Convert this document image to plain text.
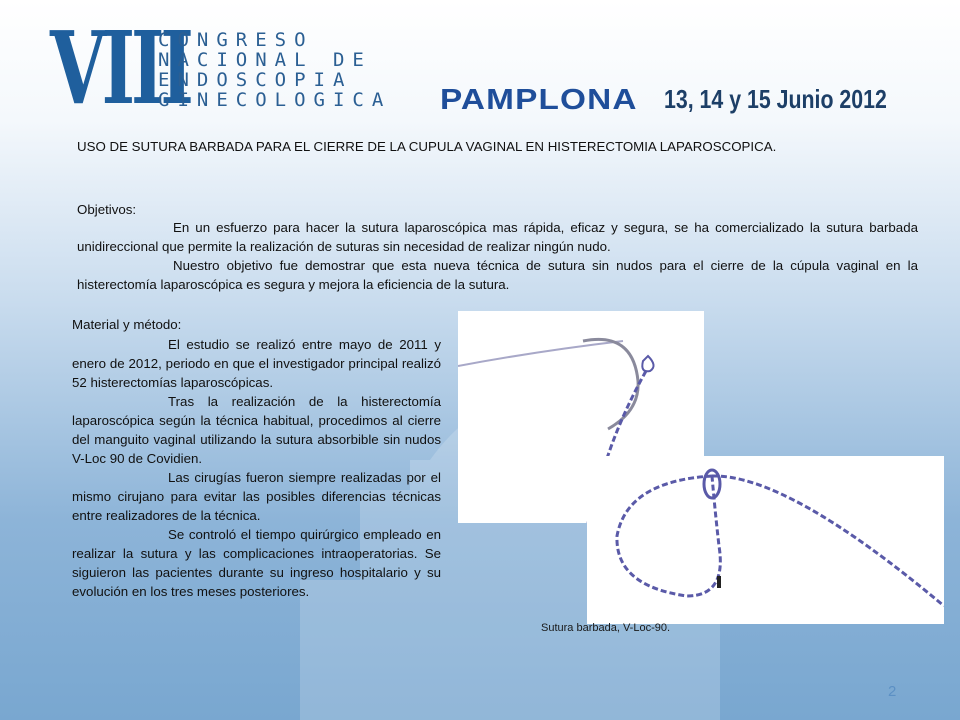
VIII
CONGRESO
NACIONAL DE
ENDOSCOPIA
GINECOLOGICA PAMPLONA 13, 14 y 15 Junio 2012
USO DE SUTURA BARBADA PARA EL CIERRE DE LA CUPULA VAGINAL EN HISTERECTOMIA LAPAROSCOPICA.
Objetivos:

En un esfuerzo para hacer la sutura laparoscópica mas rápida, eficaz y segura, se ha comercializado la sutura barbada unidireccional que permite la realización de suturas sin necesidad de realizar ningún nudo.

Nuestro objetivo fue demostrar que esta nueva técnica de sutura sin nudos para el cierre de la cúpula vaginal en la histerectomía laparoscópica es segura y mejora la eficiencia de la sutura.

Material y método:

El estudio se realizó entre mayo de 2011 y enero de 2012, periodo en que el investigador principal realizó 52 histerectomías laparoscópicas.

Tras la realización de la histerectomía laparoscópica según la técnica habitual, procedimos al cierre del manguito vaginal utilizando la sutura absorbible sin nudos V-Loc 90 de Covidien.

Las cirugías fueron siempre realizadas por el mismo cirujano para evitar las posibles diferencias técnicas entre realizadores de la técnica.

Se controló el tiempo quirúrgico empleado en realizar la sutura y las complicaciones intraoperatorias. Se siguieron las pacientes durante su ingreso hospitalario y su evolución en los tres meses posteriores.

Sutura barbada, V-Loc-90.
2
